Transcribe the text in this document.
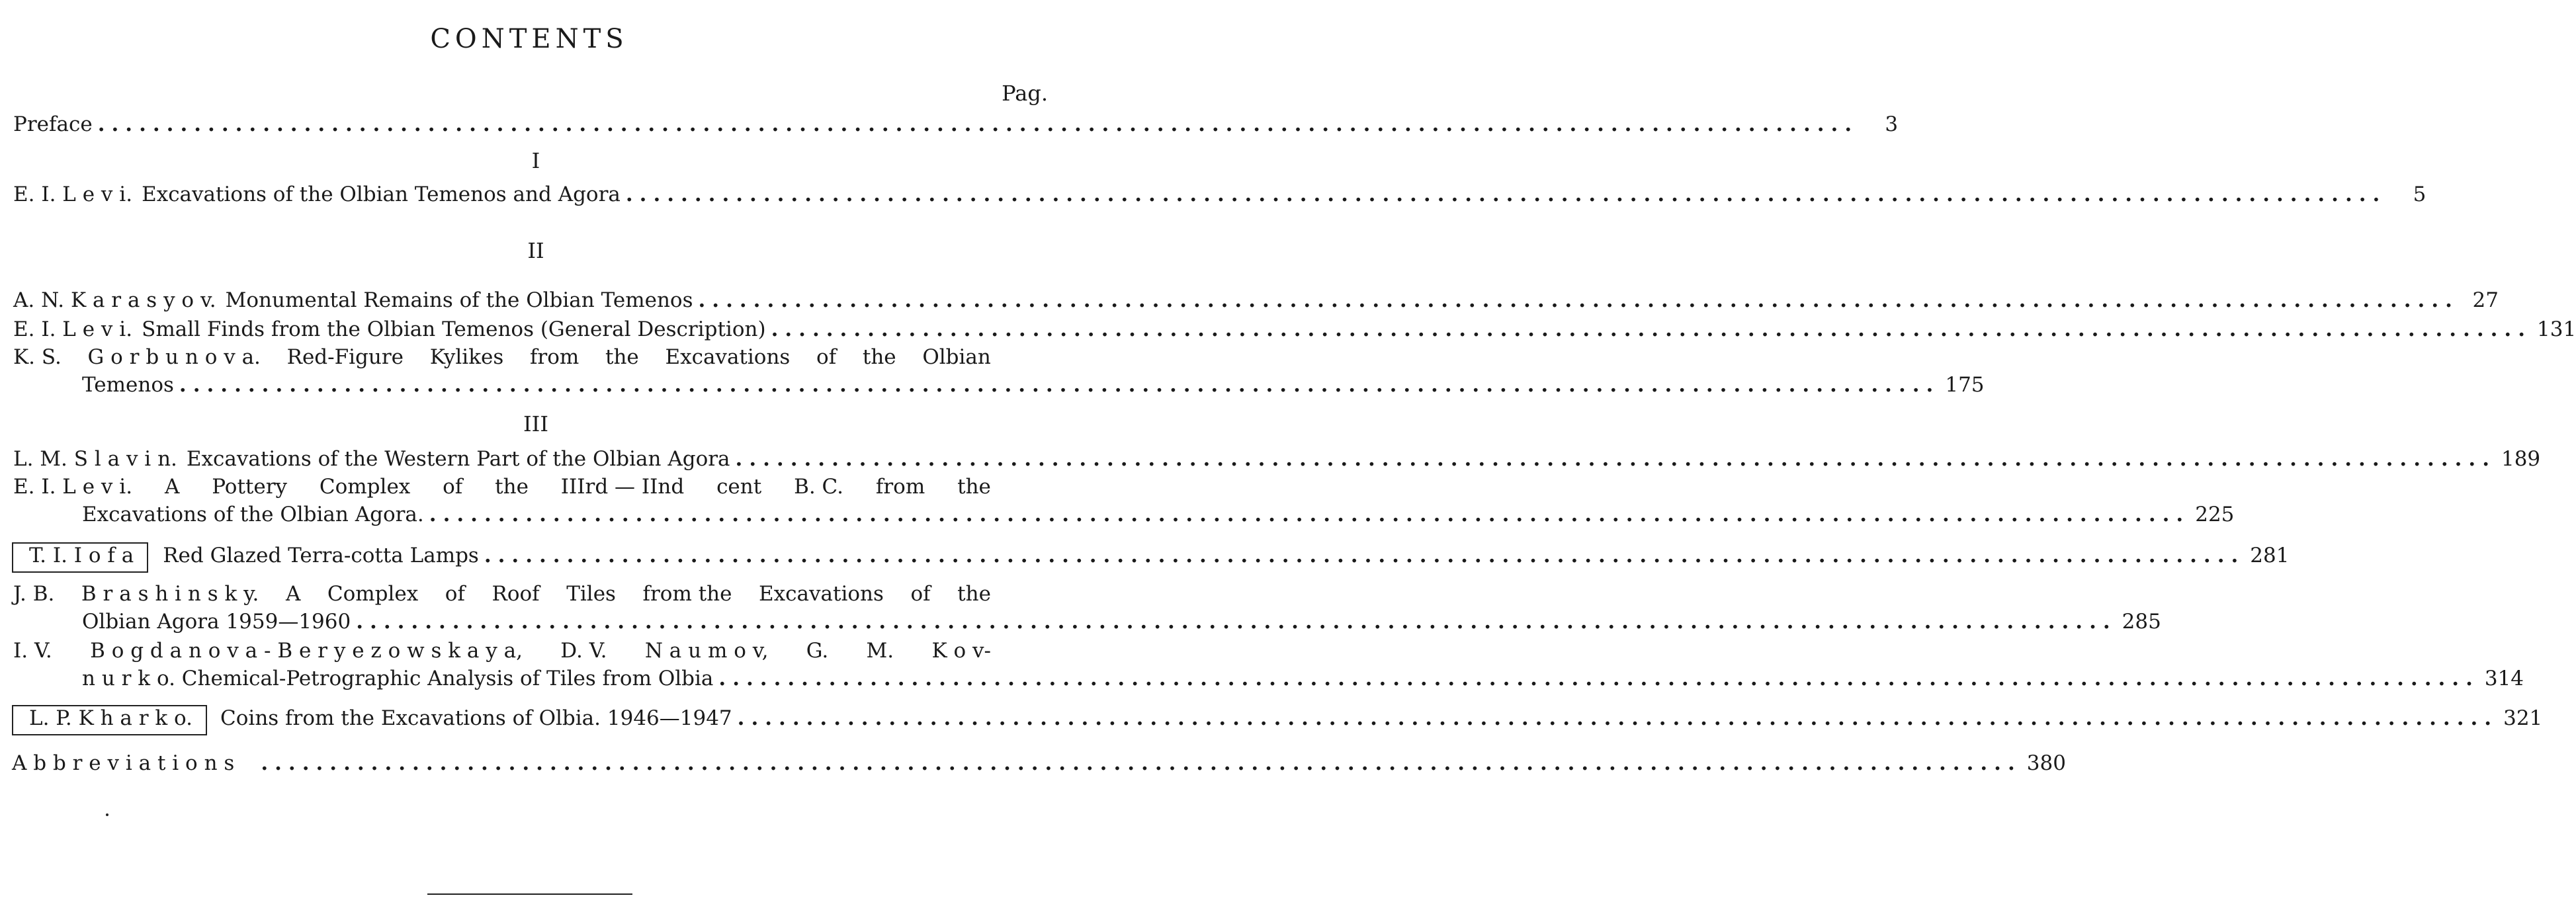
CONTENTS
Pag.
Preface ................................................................................................................................	3
I
E. I. L e v i. Excavations of the Olbian Temenos and Agora ................................................................................................................................	5
II
A. N. K a r a s y o v. Monumental Remains of the Olbian Temenos ................................................................................................................................ 27
E. I. L e v i. Small Finds from the Olbian Temenos (General Description) ................................................................................................................................ 131
K. S. G o r b u n o v a. Red-Figure Kylikes from the Excavations of the Olbian
Temenos ................................................................................................................................ 175
III
L. M. S l a v i n. Excavations of the Western Part of the Olbian Agora ................................................................................................................................ 189
E. I. L e v i. A Pottery Complex of the IIIrd — IInd cent B. C. from the
Excavations of the Olbian Agora. ................................................................................................................................ 225
T. I. I o f a	Red Glazed Terra-cotta Lamps ................................................................................................................................ 281
J. B. B r a s h i n s k y. A Complex of Roof Tiles from the Excavations of the
Olbian Agora 1959—1960 ................................................................................................................................ 285
I. V. B o g d a n o v a - B e r y e z o w s k a y a, D. V. N a u m o v, G. M. K o v-
n u r k o. Chemical-Petrographic Analysis of Tiles from Olbia ................................................................................................................................ 314
L. P. K h a r k o.	Coins from the Excavations of Olbia. 1946—1947 ................................................................................................................................ 321
A b b r e v i a t i o n s ................................................................................................................................ 380
